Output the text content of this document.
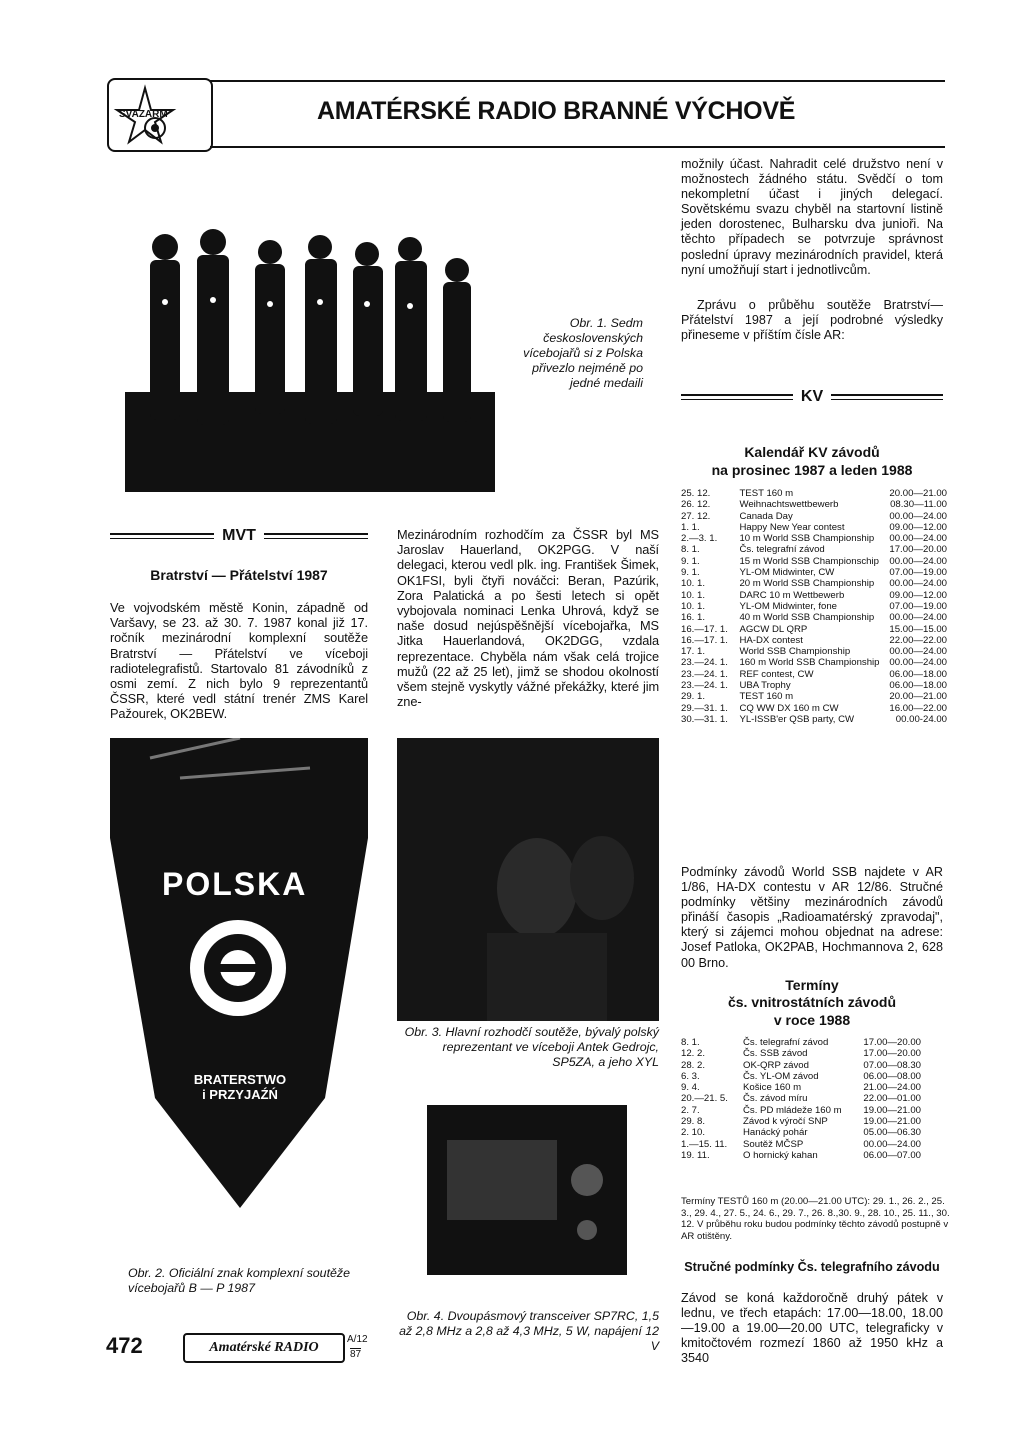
SVAZARM	AMATÉRSKÉ RADIO BRANNÉ VÝCHOVĚ
Obr. 1. Sedm československých vícebojařů si z Polska přivezlo nejméně po jedné medaili
možnily účast. Nahradit celé družstvo není v možnostech žádného státu. Svědčí o tom nekompletní účast i jiných delegací. Sovětskému svazu chyběl na startovní listině jeden dorostenec, Bulharsku dva junioři. Na těchto případech se potvrzuje správnost poslední úpravy mezinárodních pravidel, která nyní umožňují start i jednotlivcům.
Zprávu o průběhu soutěže Bratrství—Přátelství 1987 a její podrobné výsledky přineseme v příštím čísle AR:
KV
Kalendář KV závodů
na prosinec 1987 a leden 1988
25. 12.	TEST 160 m	20.00—21.00
26. 12.	Weihnachtswettbewerb	08.30—11.00
27. 12.	Canada Day	00.00—24.00
1. 1.	Happy New Year contest	09.00—12.00
2.—3. 1.	10 m World SSB Championship	00.00—24.00
8. 1.	Čs. telegrafní závod	17.00—20.00
9. 1.	15 m World SSB Championschip	00.00—24.00
9. 1.	YL-OM Midwinter, CW	07.00—19.00
10. 1.	20 m World SSB Championship	00.00—24.00
10. 1.	DARC 10 m Wettbewerb	09.00—12.00
10. 1.	YL-OM Midwinter, fone	07.00—19.00
16. 1.	40 m World SSB Championship	00.00—24.00
16.—17. 1.	AGCW DL QRP	15.00—15.00
16.—17. 1.	HA-DX contest	22.00—22.00
17. 1.	World SSB Championship	00.00—24.00
23.—24. 1.	160 m World SSB Championship	00.00—24.00
23.—24. 1.	REF contest, CW	06.00—18.00
23.—24. 1.	UBA Trophy	06.00—18.00
29. 1.	TEST 160 m	20.00—21.00
29.—31. 1.	CQ WW DX 160 m CW	16.00—22.00
30.—31. 1.	YL-ISSB'er QSB party, CW	00.00-24.00
Podmínky závodů World SSB najdete v AR 1/86, HA-DX contestu v AR 12/86. Stručné podmínky většiny mezinárodních závodů přináší časopis „Radioamatérský zpravodaj", který si zájemci mohou objednat na adrese: Josef Patloka, OK2PAB, Hochmannova 2, 628 00 Brno.
Termíny
čs. vnitrostátních závodů
v roce 1988
8. 1.	Čs. telegrafní závod	17.00—20.00
12. 2.	Čs. SSB závod	17.00—20.00
28. 2.	OK-QRP závod	07.00—08.30
6. 3.	Čs. YL-OM závod	06.00—08.00
9. 4.	Košice 160 m	21.00—24.00
20.—21. 5.	Čs. závod míru	22.00—01.00
2. 7.	Čs. PD mládeže 160 m	19.00—21.00
29. 8.	Závod k výročí SNP	19.00—21.00
2. 10.	Hanácký pohár	05.00—06.30
1.—15. 11.	Soutěž MČSP	00.00—24.00
19. 11.	O hornický kahan	06.00—07.00
Termíny TESTŮ 160 m (20.00—21.00 UTC): 29. 1., 26. 2., 25. 3., 29. 4., 27. 5., 24. 6., 29. 7., 26. 8.,30. 9., 28. 10., 25. 11., 30. 12. V průběhu roku budou podmínky těchto závodů postupně v AR otištěny.
Stručné podmínky Čs. telegrafního závodu
Závod se koná každoročně druhý pátek v lednu, ve třech etapách: 17.00—18.00, 18.00—19.00 a 19.00—20.00 UTC, telegraficky v kmitočtovém rozmezí 1860 až 1950 kHz a 3540
MVT
Bratrství — Přátelství 1987
Ve vojvodském městě Konin, západně od Varšavy, se 23. až 30. 7. 1987 konal již 17. ročník mezinárodní komplexní soutěže Bratrství — Přátelství ve víceboji radiotelegrafistů. Startovalo 81 závodníků z osmi zemí. Z nich bylo 9 reprezentantů ČSSR, které vedl státní trenér ZMS Karel Pažourek, OK2BEW.
Mezinárodním rozhodčím za ČSSR byl MS Jaroslav Hauerland, OK2PGG. V naší delegaci, kterou vedl plk. ing. František Šimek, OK1FSI, byli čtyři nováčci: Beran, Pazúrik, Zora Palatická a po šesti letech si opět vybojovala nominaci Lenka Uhrová, když se naše dosud nejúspěšnější vícebojařka, MS Jitka Hauerlandová, OK2DGG, vzdala reprezentace. Chyběla nám však celá trojice mužů (22 až 25 let), jimž se shodou okolností všem stejně vyskytly vážné překážky, které jim zne-
POLSKA
BRATERSTWO
i PRZYJAŹŃ
Obr. 2. Oficiální znak komplexní soutěže vícebojařů B — P 1987
Obr. 3. Hlavní rozhodčí soutěže, bývalý polský reprezentant ve víceboji Antek Gedrojc, SP5ZA, a jeho XYL
Obr. 4. Dvoupásmový transceiver SP7RC, 1,5 až 2,8 MHz a 2,8 až 4,3 MHz, 5 W, napájení 12 V
472	Amatérské RADIO
A/12
87
